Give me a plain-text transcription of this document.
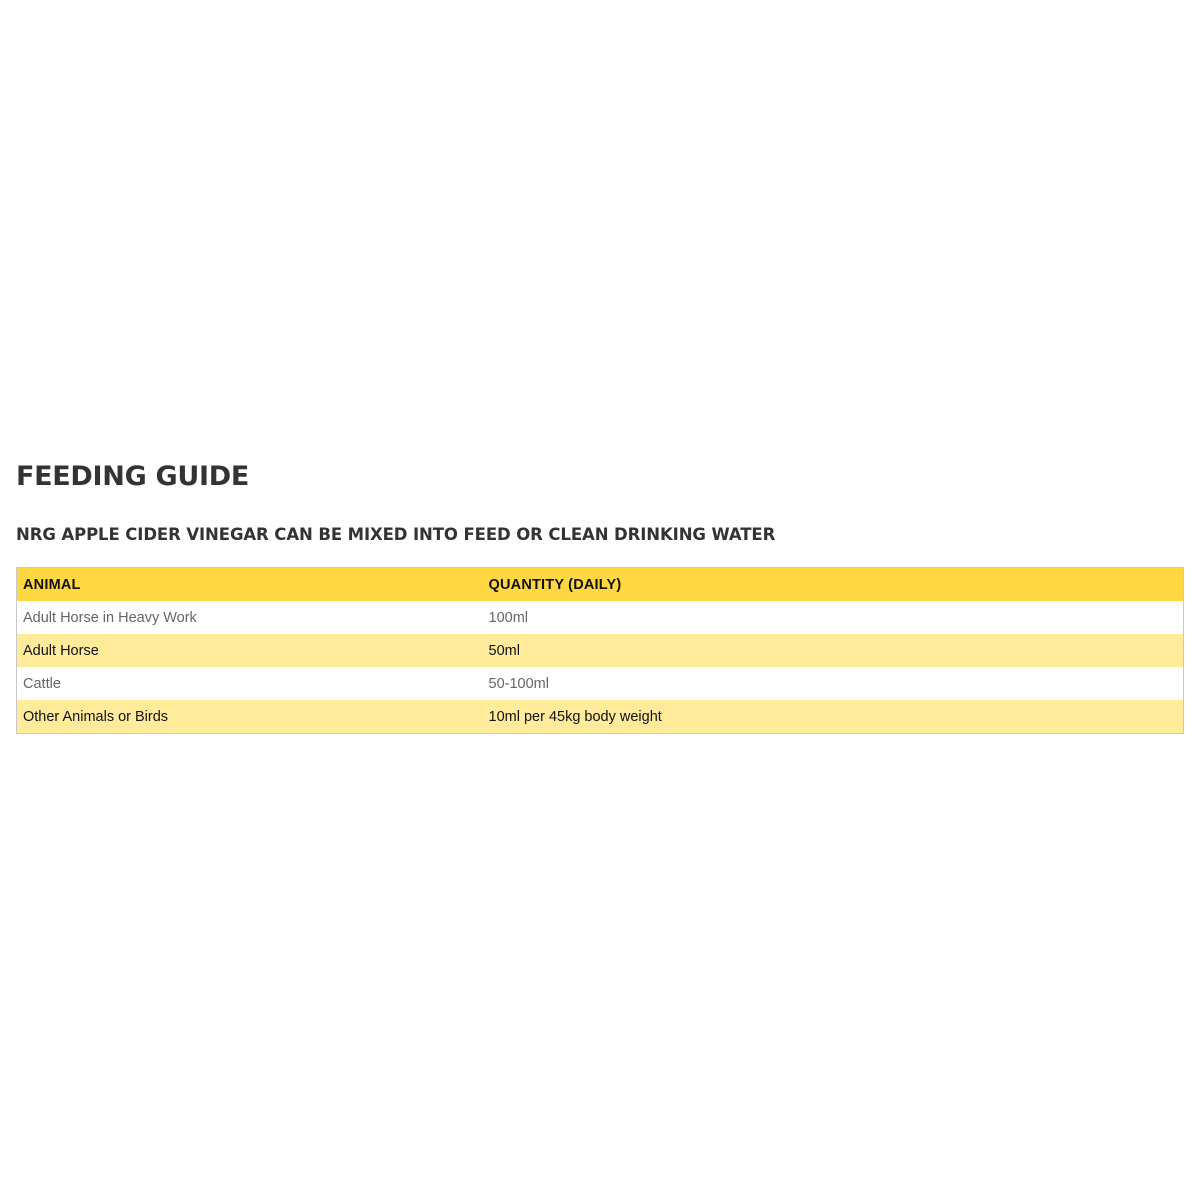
FEEDING GUIDE
NRG APPLE CIDER VINEGAR CAN BE MIXED INTO FEED OR CLEAN DRINKING WATER
ANIMAL	QUANTITY (DAILY)
Adult Horse in Heavy Work	100ml
Adult Horse	50ml
Cattle	50-100ml
Other Animals or Birds	10ml per 45kg body weight
